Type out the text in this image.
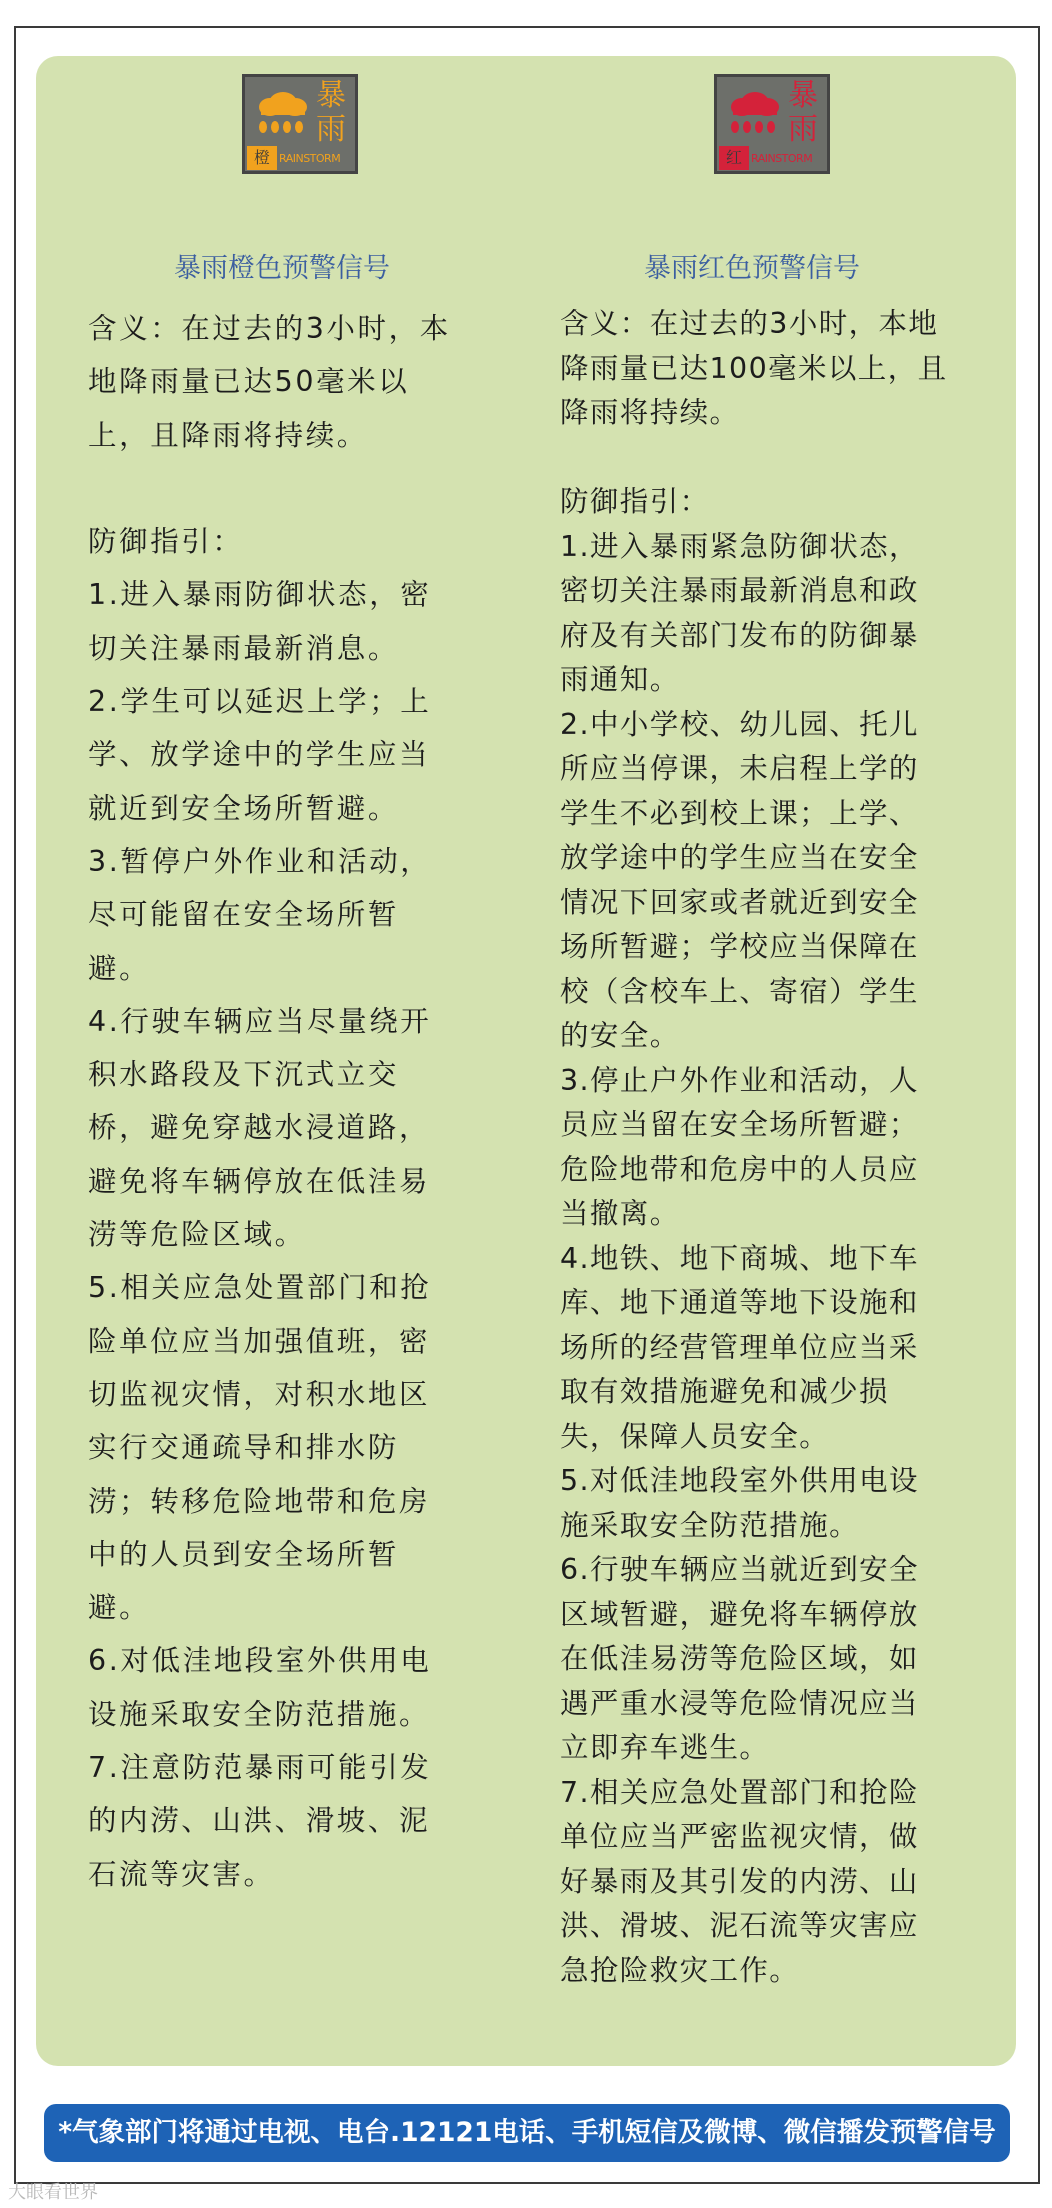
暴
雨
橙 RAINSTORM
暴
雨
红 RAINSTORM
暴雨橙色预警信号	暴雨红色预警信号
含义：在过去的3小时，本
地降雨量已达50毫米以
上，且降雨将持续。

防御指引：
1.进入暴雨防御状态，密
切关注暴雨最新消息。
2.学生可以延迟上学；上
学、放学途中的学生应当
就近到安全场所暂避。
3.暂停户外作业和活动，
尽可能留在安全场所暂
避。
4.行驶车辆应当尽量绕开
积水路段及下沉式立交
桥，避免穿越水浸道路，
避免将车辆停放在低洼易
涝等危险区域。
5.相关应急处置部门和抢
险单位应当加强值班，密
切监视灾情，对积水地区
实行交通疏导和排水防
涝；转移危险地带和危房
中的人员到安全场所暂
避。
6.对低洼地段室外供用电
设施采取安全防范措施。
7.注意防范暴雨可能引发
的内涝、山洪、滑坡、泥
石流等灾害。
含义：在过去的3小时，本地
降雨量已达100毫米以上，且
降雨将持续。

防御指引：
1.进入暴雨紧急防御状态，
密切关注暴雨最新消息和政
府及有关部门发布的防御暴
雨通知。
2.中小学校、幼儿园、托儿
所应当停课，未启程上学的
学生不必到校上课；上学、
放学途中的学生应当在安全
情况下回家或者就近到安全
场所暂避；学校应当保障在
校（含校车上、寄宿）学生
的安全。
3.停止户外作业和活动，人
员应当留在安全场所暂避；
危险地带和危房中的人员应
当撤离。
4.地铁、地下商城、地下车
库、地下通道等地下设施和
场所的经营管理单位应当采
取有效措施避免和减少损
失，保障人员安全。
5.对低洼地段室外供用电设
施采取安全防范措施。
6.行驶车辆应当就近到安全
区域暂避，避免将车辆停放
在低洼易涝等危险区域，如
遇严重水浸等危险情况应当
立即弃车逃生。
7.相关应急处置部门和抢险
单位应当严密监视灾情，做
好暴雨及其引发的内涝、山
洪、滑坡、泥石流等灾害应
急抢险救灾工作。
*气象部门将通过电视、电台.12121电话、手机短信及微博、微信播发预警信号
大眼看世界
